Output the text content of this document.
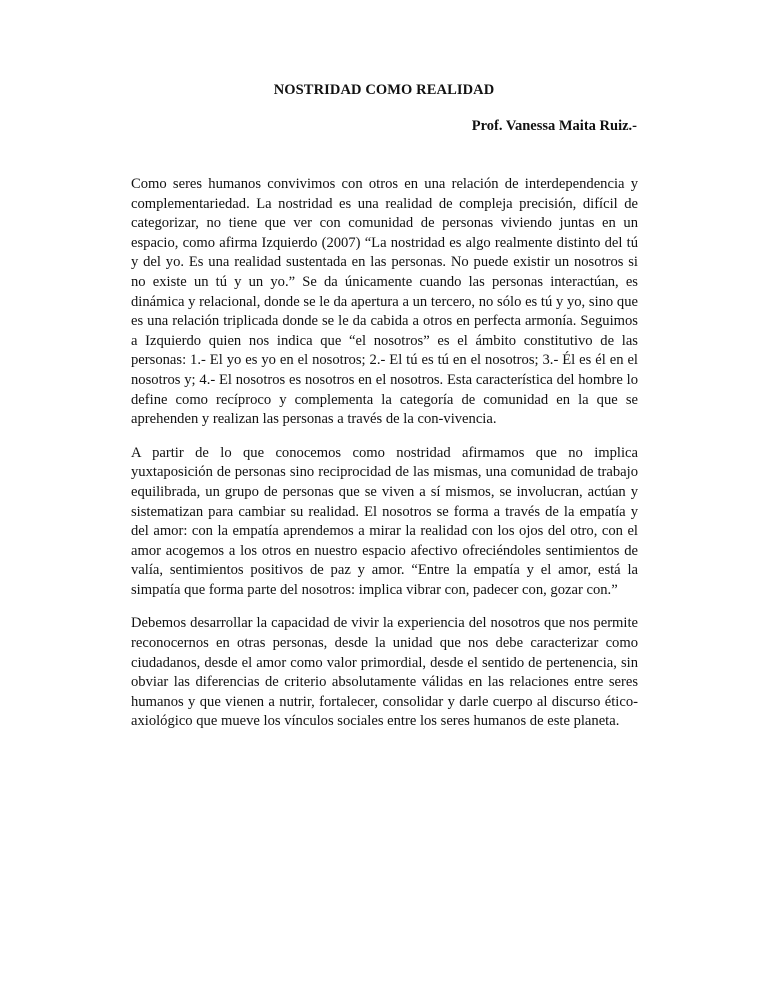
NOSTRIDAD COMO REALIDAD
Prof. Vanessa Maita Ruiz.-

Como seres humanos convivimos con otros en una relación de interdependencia y complementariedad. La nostridad es una realidad de compleja precisión, difícil de categorizar, no tiene que ver con comunidad de personas viviendo juntas en un espacio, como afirma Izquierdo (2007) “La nostridad es algo realmente distinto del tú y del yo. Es una realidad sustentada en las personas. No puede existir un nosotros si no existe un tú y un yo.” Se da únicamente cuando las personas interactúan, es dinámica y relacional, donde se le da apertura a un tercero, no sólo es tú y yo, sino que es una relación triplicada donde se le da cabida a otros en perfecta armonía. Seguimos a Izquierdo quien nos indica que “el nosotros” es el ámbito constitutivo de las personas: 1.- El yo es yo en el nosotros; 2.- El tú es tú en el nosotros; 3.- Él es él en el nosotros y; 4.- El nosotros es nosotros en el nosotros. Esta característica del hombre lo define como recíproco y complementa la categoría de comunidad en la que se aprehenden y realizan las personas a través de la con-vivencia.

A partir de lo que conocemos como nostridad afirmamos que no implica yuxtaposición de personas sino reciprocidad de las mismas, una comunidad de trabajo equilibrada, un grupo de personas que se viven a sí mismos, se involucran, actúan y sistematizan para cambiar su realidad. El nosotros se forma a través de la empatía y del amor: con la empatía aprendemos a mirar la realidad con los ojos del otro, con el amor acogemos a los otros en nuestro espacio afectivo ofreciéndoles sentimientos de valía, sentimientos positivos de paz y amor. “Entre la empatía y el amor, está la simpatía que forma parte del nosotros: implica vibrar con, padecer con, gozar con.”

Debemos desarrollar la capacidad de vivir la experiencia del nosotros que nos permite reconocernos en otras personas, desde la unidad que nos debe caracterizar como ciudadanos, desde el amor como valor primordial, desde el sentido de pertenencia, sin obviar las diferencias de criterio absolutamente válidas en las relaciones entre seres humanos y que vienen a nutrir, fortalecer, consolidar y darle cuerpo al discurso ético-axiológico que mueve los vínculos sociales entre los seres humanos de este planeta.
